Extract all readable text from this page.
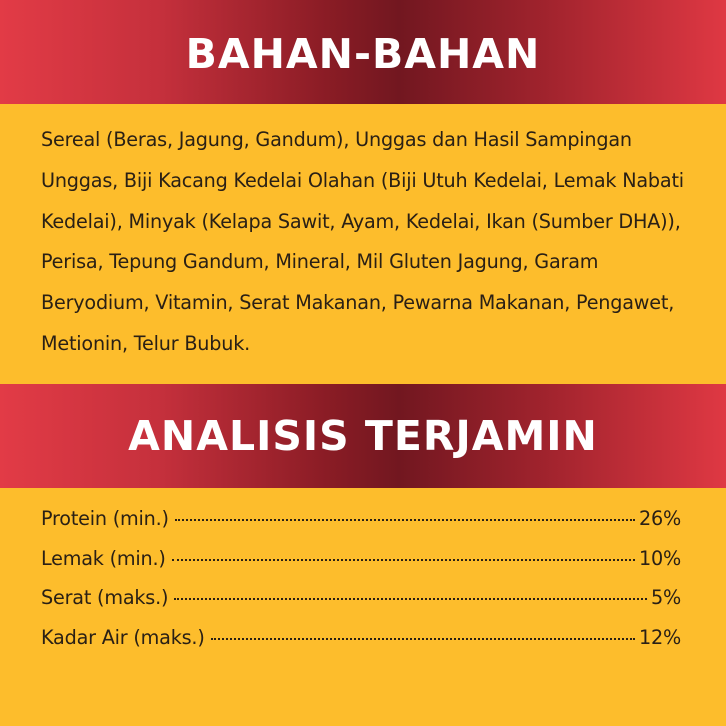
BAHAN-BAHAN

Sereal (Beras, Jagung, Gandum), Unggas dan Hasil Sampingan Unggas, Biji Kacang Kedelai Olahan (Biji Utuh Kedelai, Lemak Nabati Kedelai), Minyak (Kelapa Sawit, Ayam, Kedelai, Ikan (Sumber DHA)), Perisa, Tepung Gandum, Mineral, Mil Gluten Jagung, Garam Beryodium, Vitamin, Serat Makanan, Pewarna Makanan, Pengawet, Metionin, Telur Bubuk.

ANALISIS TERJAMIN
Protein (min.)	26%
Lemak (min.)	10%
Serat (maks.)	5%
Kadar Air (maks.)	12%
